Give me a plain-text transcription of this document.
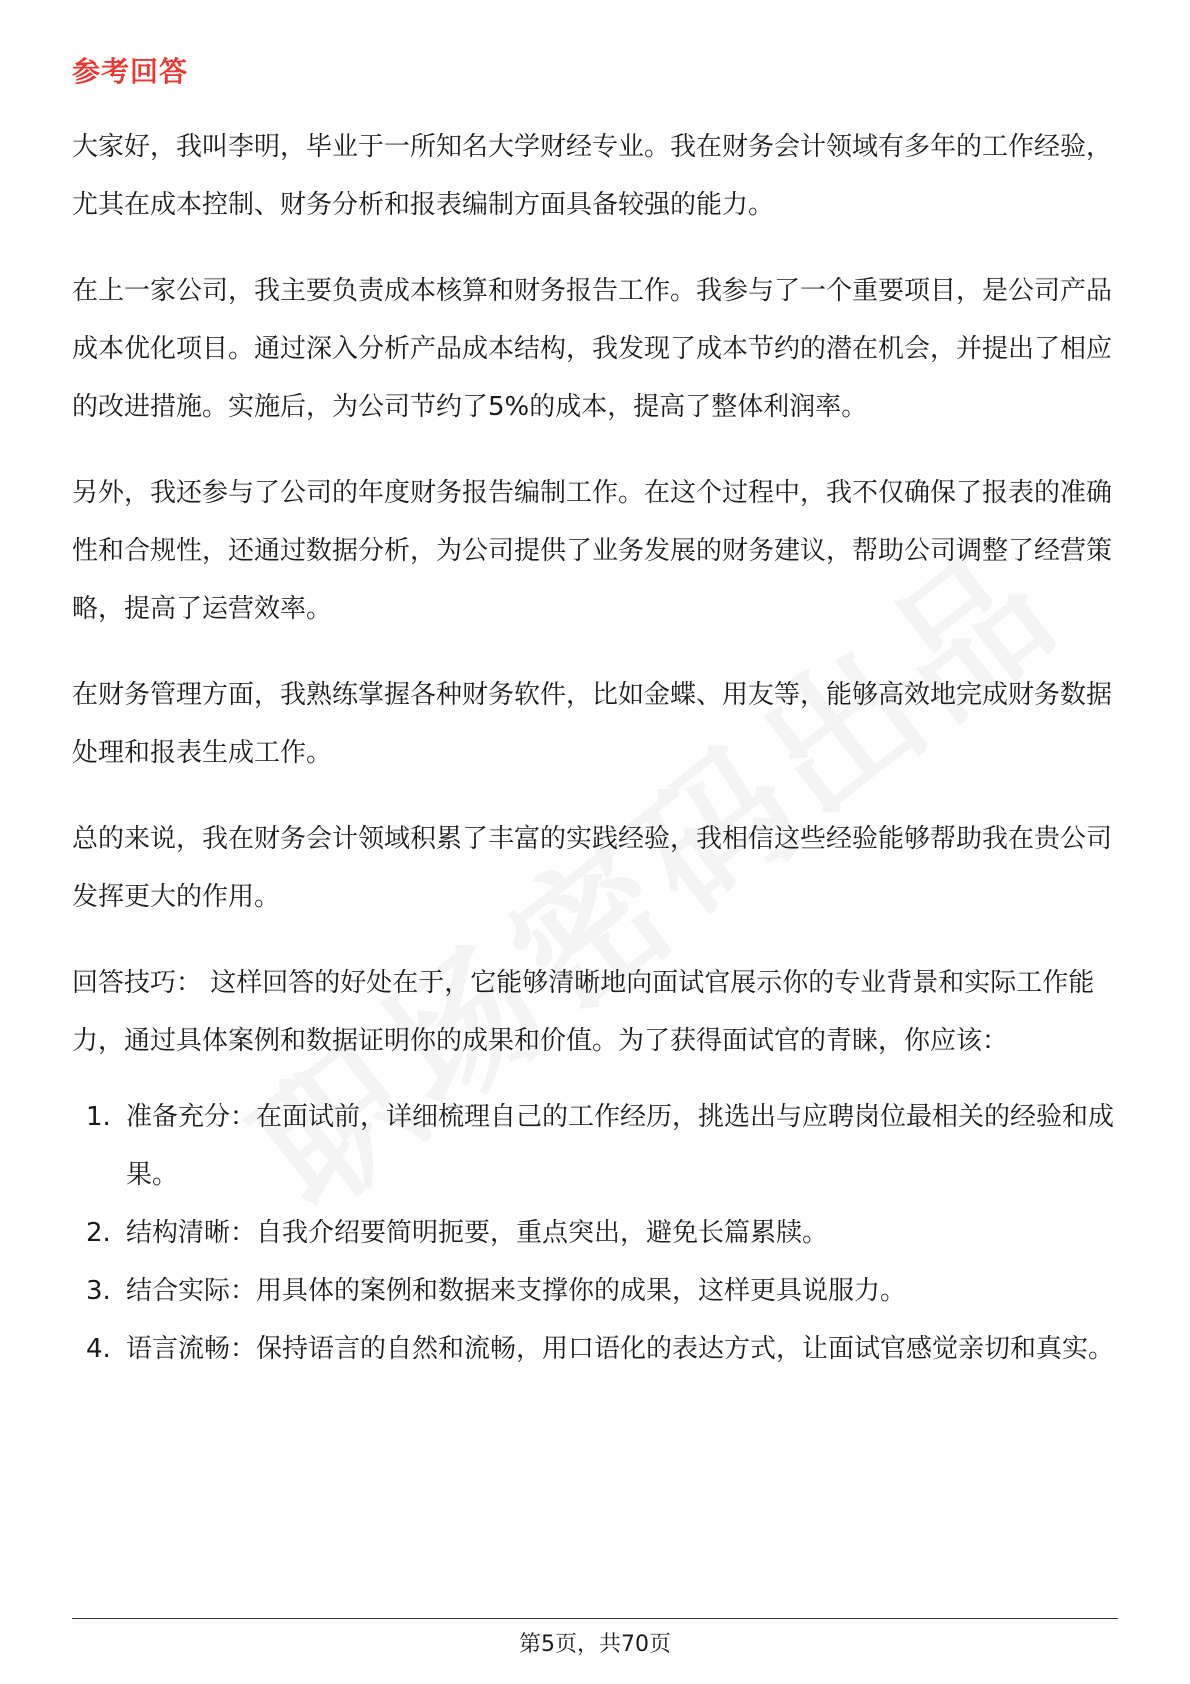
参考回答

大家好，我叫李明，毕业于一所知名大学财经专业。我在财务会计领域有多年的工作经验，尤其在成本控制、财务分析和报表编制方面具备较强的能力。

在上一家公司，我主要负责成本核算和财务报告工作。我参与了一个重要项目，是公司产品成本优化项目。通过深入分析产品成本结构，我发现了成本节约的潜在机会，并提出了相应的改进措施。实施后，为公司节约了5%的成本，提高了整体利润率。

另外，我还参与了公司的年度财务报告编制工作。在这个过程中，我不仅确保了报表的准确性和合规性，还通过数据分析，为公司提供了业务发展的财务建议，帮助公司调整了经营策略，提高了运营效率。

在财务管理方面，我熟练掌握各种财务软件，比如金蝶、用友等，能够高效地完成财务数据处理和报表生成工作。

总的来说，我在财务会计领域积累了丰富的实践经验，我相信这些经验能够帮助我在贵公司发挥更大的作用。

回答技巧： 这样回答的好处在于，它能够清晰地向面试官展示你的专业背景和实际工作能力，通过具体案例和数据证明你的成果和价值。为了获得面试官的青睐，你应该：

1. 准备充分：在面试前，详细梳理自己的工作经历，挑选出与应聘岗位最相关的经验和成果。
2. 结构清晰：自我介绍要简明扼要，重点突出，避免长篇累牍。
3. 结合实际：用具体的案例和数据来支撑你的成果，这样更具说服力。
4. 语言流畅：保持语言的自然和流畅，用口语化的表达方式，让面试官感觉亲切和真实。
第5页，共70页
